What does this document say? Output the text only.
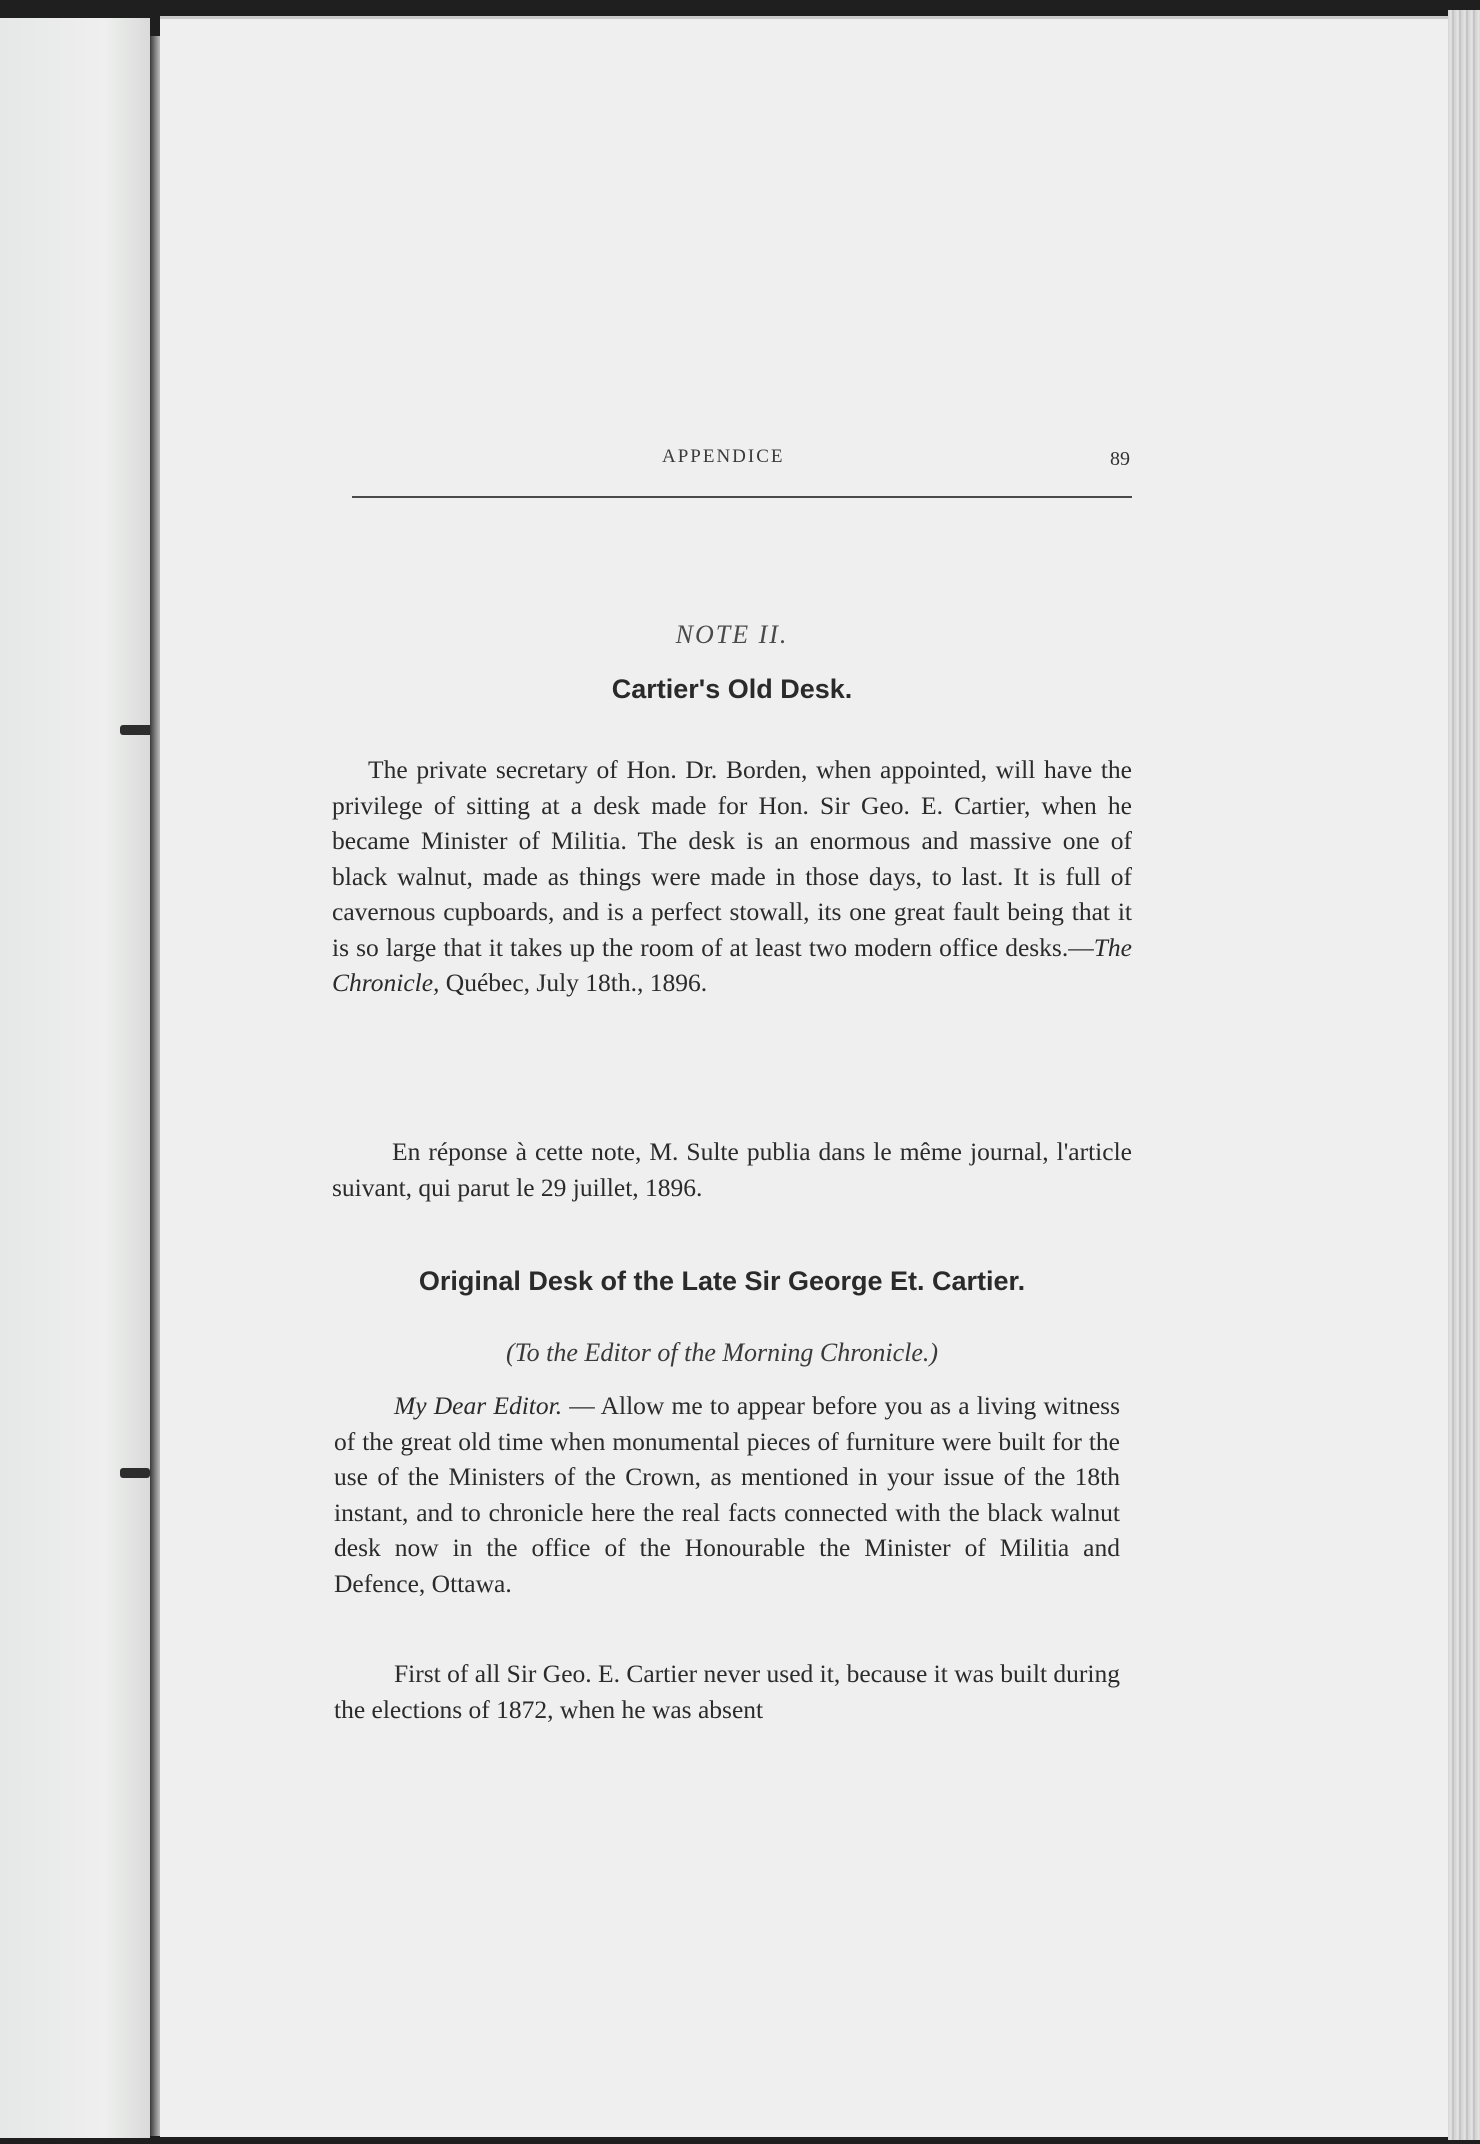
APPENDICE	89
NOTE II.
Cartier's Old Desk.

The private secretary of Hon. Dr. Borden, when appointed, will have the privilege of sitting at a desk made for Hon. Sir Geo. E. Cartier, when he became Minister of Militia. The desk is an enormous and massive one of black walnut, made as things were made in those days, to last. It is full of cavernous cupboards, and is a perfect stowall, its one great fault being that it is so large that it takes up the room of at least two modern office desks.—The Chronicle, Québec, July 18th., 1896.

En réponse à cette note, M. Sulte publia dans le même journal, l'article suivant, qui parut le 29 juillet, 1896.

Original Desk of the Late Sir George Et. Cartier.
(To the Editor of the Morning Chronicle.)

My Dear Editor. — Allow me to appear before you as a living witness of the great old time when monumental pieces of furniture were built for the use of the Ministers of the Crown, as mentioned in your issue of the 18th instant, and to chronicle here the real facts connected with the black walnut desk now in the office of the Honourable the Minister of Militia and Defence, Ottawa.

First of all Sir Geo. E. Cartier never used it, because it was built during the elections of 1872, when he was absent
